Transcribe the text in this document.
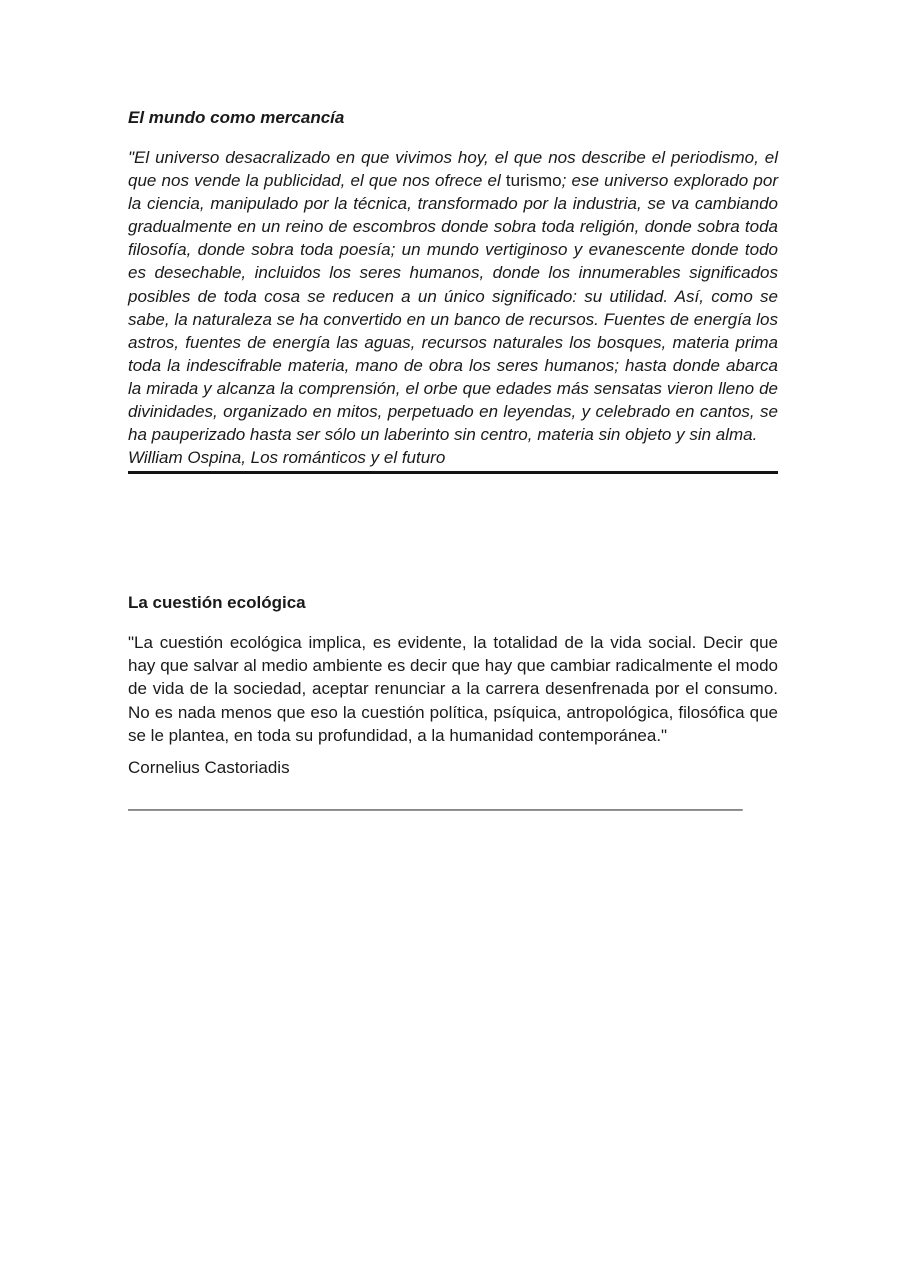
El mundo como mercancía

"El universo desacralizado en que vivimos hoy, el que nos describe el periodismo, el que nos vende la publicidad, el que nos ofrece el turismo; ese universo explorado por la ciencia, manipulado por la técnica, transformado por la industria, se va cambiando gradualmente en un reino de escombros donde sobra toda religión, donde sobra toda filosofía, donde sobra toda poesía; un mundo vertiginoso y evanescente donde todo es desechable, incluidos los seres humanos, donde los innumerables significados posibles de toda cosa se reducen a un único significado: su utilidad. Así, como se sabe, la naturaleza se ha convertido en un banco de recursos. Fuentes de energía los astros, fuentes de energía las aguas, recursos naturales los bosques, materia prima toda la indescifrable materia, mano de obra los seres humanos; hasta donde abarca la mirada y alcanza la comprensión, el orbe que edades más sensatas vieron lleno de divinidades, organizado en mitos, perpetuado en leyendas, y celebrado en cantos, se ha pauperizado hasta ser sólo un laberinto sin centro, materia sin objeto y sin alma.

William Ospina, Los románticos y el futuro

La cuestión ecológica

"La cuestión ecológica implica, es evidente, la totalidad de la vida social. Decir que hay que salvar al medio ambiente es decir que hay que cambiar radicalmente el modo de vida de la sociedad, aceptar renunciar a la carrera desenfrenada por el consumo. No es nada menos que eso la cuestión política, psíquica, antropológica, filosófica que se le plantea, en toda su profundidad, a la humanidad contemporánea."

Cornelius Castoriadis

_________________________________________________________________
